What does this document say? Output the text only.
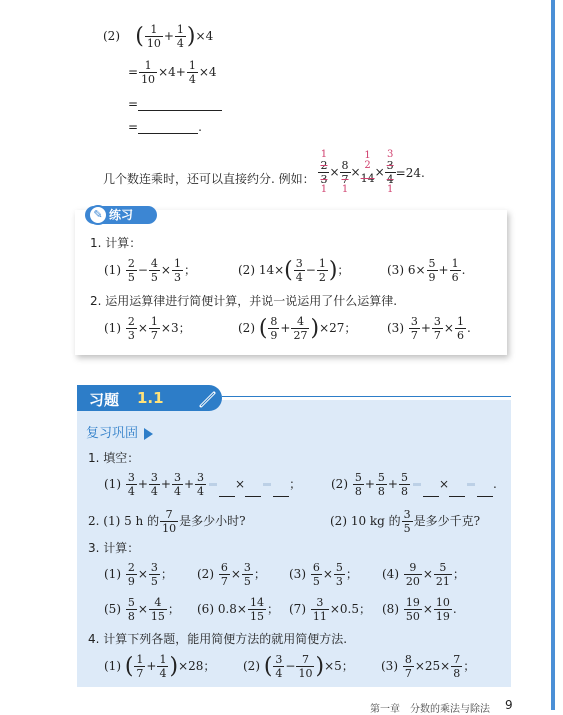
(2) ( $\frac{1}{10} + \frac{1}{4} )\times 4$
= $\frac{1}{10} \times 4+ \frac{1}{4} \times 4$
=
=	.
几个数连乘时，还可以直接约分. 例如：
1
$\frac{2}{3}$
1
×
$\frac{8}{7}$
1
×
1
2
14

×
3
$\frac{3}{4}$
1
=24.
练习
✎
1. 计算：
$(1) \frac{2}{5} - \frac{4}{5} \times \frac{1}{3}$ ；	(2) $14\times( \frac{3}{4} - \frac{1}{2}$ )；	(3) $6\times \frac{5}{9} + \frac{1}{6}$ .
2. 运用运算律进行简便计算，并说一说运用了什么运算律.
$(1) \frac{2}{3} \times \frac{1}{7} \times 3$；	(2) ( $\frac{8}{9} + \frac{4}{27} )\times 27$；	$(3) \frac{3}{7} + \frac{3}{7} \times \frac{1}{6}$ .
习题 1.1
复习巩固
1. 填空：
$(1) \frac{3}{4} + \frac{3}{4} + \frac{3}{4} + \frac{3}{4}$ ×	； $(2) \frac{5}{8} + \frac{5}{8} + \frac{5}{8}$ ×	.
2. (1) 5 h 的 $\frac{7}{10}$ 是多少小时?	(2) 10 kg 的 $\frac{3}{5}$ 是多少千克?
3. 计算：
$(1) \frac{2}{9} \times \frac{3}{5}$ ； $(2) \frac{6}{7} \times \frac{3}{5}$ ； $(3) \frac{6}{5} \times \frac{5}{3}$ ； $(4) \frac{9}{20} \times \frac{5}{21}$ ；
$(5) \frac{5}{8} \times \frac{4}{15}$ ； (6) $0.8\times \frac{14}{15}$ ； $(7) \frac{3}{11} \times 0.5$； $(8) \frac{19}{50} \times \frac{10}{19}$ .
4. 计算下列各题，能用简便方法的就用简便方法.
(1) ( $\frac{1}{7} + \frac{1}{4} )\times 28$； (2) ( $\frac{3}{4} - \frac{7}{10} )\times 5$； $(3) \frac{8}{7} \times 25\times \frac{7}{8}$ ；
第一章　分数的乘法与除法 9
